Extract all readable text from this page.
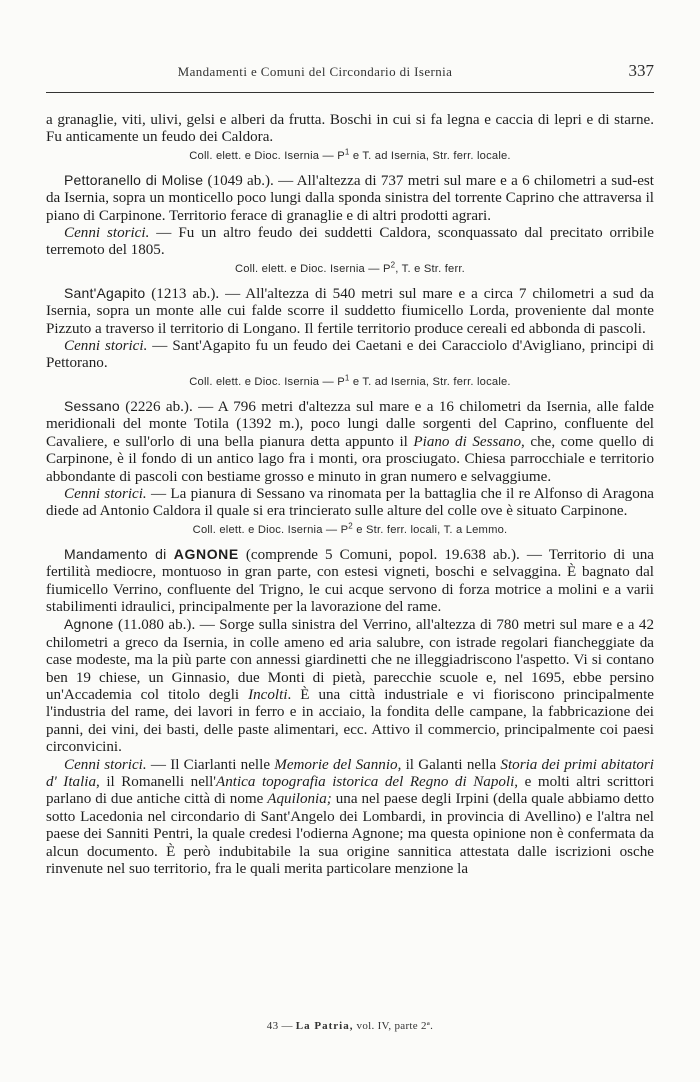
Mandamenti e Comuni del Circondario di Isernia	337

a granaglie, viti, ulivi, gelsi e alberi da frutta. Boschi in cui si fa legna e caccia di lepri e di starne. Fu anticamente un feudo dei Caldora.

Coll. elett. e Dioc. Isernia — $P^1$ e T. ad Isernia, Str. ferr. locale.

Pettoranello di Molise (1049 ab.). — All'altezza di 737 metri sul mare e a 6 chilometri a sud-est da Isernia, sopra un monticello poco lungi dalla sponda sinistra del torrente Caprino che attraversa il piano di Carpinone. Territorio ferace di granaglie e di altri prodotti agrari.

Cenni storici. — Fu un altro feudo dei suddetti Caldora, sconquassato dal precitato orribile terremoto del 1805.

Coll. elett. e Dioc. Isernia — $P^2$, T. e Str. ferr.

Sant'Agapito (1213 ab.). — All'altezza di 540 metri sul mare e a circa 7 chilometri a sud da Isernia, sopra un monte alle cui falde scorre il suddetto fiumicello Lorda, proveniente dal monte Pizzuto a traverso il territorio di Longano. Il fertile territorio produce cereali ed abbonda di pascoli.

Cenni storici. — Sant'Agapito fu un feudo dei Caetani e dei Caracciolo d'Avigliano, principi di Pettorano.

Coll. elett. e Dioc. Isernia — $P^1$ e T. ad Isernia, Str. ferr. locale.

Sessano (2226 ab.). — A 796 metri d'altezza sul mare e a 16 chilometri da Isernia, alle falde meridionali del monte Totila (1392 m.), poco lungi dalle sorgenti del Caprino, confluente del Cavaliere, e sull'orlo di una bella pianura detta appunto il Piano di Sessano, che, come quello di Carpinone, è il fondo di un antico lago fra i monti, ora prosciugato. Chiesa parrocchiale e territorio abbondante di pascoli con bestiame grosso e minuto in gran numero e selvaggiume.

Cenni storici. — La pianura di Sessano va rinomata per la battaglia che il re Alfonso di Aragona diede ad Antonio Caldora il quale si era trincierato sulle alture del colle ove è situato Carpinone.

Coll. elett. e Dioc. Isernia — $P^2$ e Str. ferr. locali, T. a Lemmo.

Mandamento di AGNONE (comprende 5 Comuni, popol. 19.638 ab.). — Territorio di una fertilità mediocre, montuoso in gran parte, con estesi vigneti, boschi e selvaggina. È bagnato dal fiumicello Verrino, confluente del Trigno, le cui acque servono di forza motrice a molini e a varii stabilimenti idraulici, principalmente per la lavorazione del rame.

Agnone (11.080 ab.). — Sorge sulla sinistra del Verrino, all'altezza di 780 metri sul mare e a 42 chilometri a greco da Isernia, in colle ameno ed aria salubre, con istrade regolari fiancheggiate da case modeste, ma la più parte con annessi giardinetti che ne illeggiadriscono l'aspetto. Vi si contano ben 19 chiese, un Ginnasio, due Monti di pietà, parecchie scuole e, nel 1695, ebbe persino un'Accademia col titolo degli Incolti. È una città industriale e vi fioriscono principalmente l'industria del rame, dei lavori in ferro e in acciaio, la fondita delle campane, la fabbricazione dei panni, dei vini, dei basti, delle paste alimentari, ecc. Attivo il commercio, principalmente coi paesi circonvicini.

Cenni storici. — Il Ciarlanti nelle Memorie del Sannio, il Galanti nella Storia dei primi abitatori d' Italia, il Romanelli nell'Antica topografia istorica del Regno di Napoli, e molti altri scrittori parlano di due antiche città di nome Aquilonia; una nel paese degli Irpini (della quale abbiamo detto sotto Lacedonia nel circondario di Sant'Angelo dei Lombardi, in provincia di Avellino) e l'altra nel paese dei Sanniti Pentri, la quale credesi l'odierna Agnone; ma questa opinione non è confermata da alcun documento. È però indubitabile la sua origine sannitica attestata dalle iscrizioni osche rinvenute nel suo territorio, fra le quali merita particolare menzione la

43 — La Patria, vol. IV, parte 2ª.
